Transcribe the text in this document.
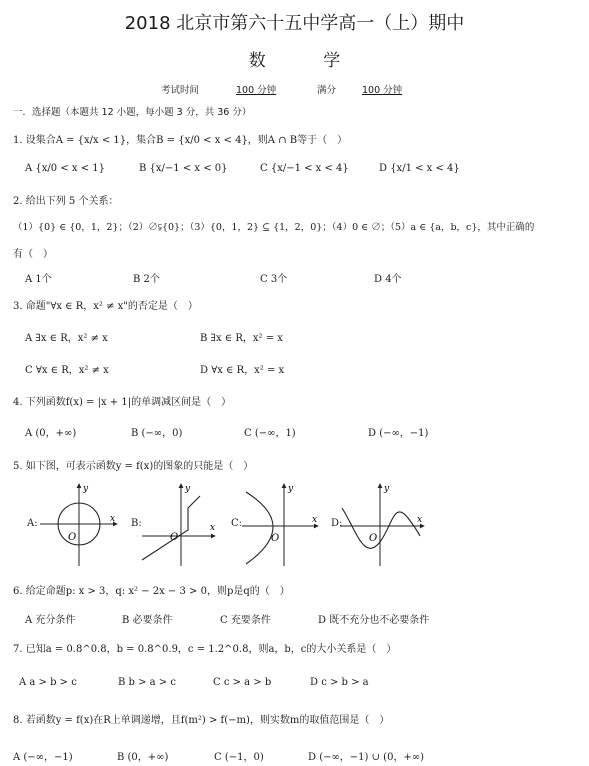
2018 北京市第六十五中学高一（上）期中
数 学
考试时间	100 分钟	满分	100 分钟
一．选择题（本题共 12 小题，每小题 3 分，共 36 分）
1. 设集合A = {x/x < 1}，集合B = {x/0 < x < 4}，则A ∩ B等于（　）
A {x/0 < x < 1}	B {x/−1 < x < 0}	C {x/−1 < x < 4}	D {x/1 < x < 4}
2. 给出下列 5 个关系：
（1）{0} ∈ {0，1，2}；（2）∅⫋{0}；（3）{0，1，2} ⊆ {1，2，0}；（4）0 ∈ ∅；（5）a ∈ {a，b，c}，其中正确的
有（　）
A 1个	B 2个	C 3个	D 4个
3. 命题"∀x ∈ R，x² ≠ x"的否定是（　）
A ∃x ∈ R，x² ≠ x	B ∃x ∈ R，x² = x
C ∀x ∈ R，x² ≠ x	D ∀x ∈ R，x² = x
4. 下列函数f(x) = |x + 1|的单调减区间是（　）
A (0，+∞)	B (−∞，0)	C (−∞，1)	D (−∞，−1)
5. 如下图，可表示函数y = f(x)的图象的只能是（　）
A:	B:	C:	D:
x
y
O
x
y
O
x
y
O
x
y
O
6. 给定命题p: x > 3，q: x² − 2x − 3 > 0，则p是q的（　）
A 充分条件	B 必要条件	C 充要条件	D 既不充分也不必要条件
7. 已知a = 0.8^0.8，b = 0.8^0.9，c = 1.2^0.8，则a，b，c的大小关系是（　）
A a > b > c	B b > a > c	C c > a > b	D c > b > a
8. 若函数y = f(x)在R上单调递增，且f(m²) > f(−m)，则实数m的取值范围是（　）
A (−∞，−1)	B (0，+∞)	C (−1，0)	D (−∞，−1) ∪ (0，+∞)
